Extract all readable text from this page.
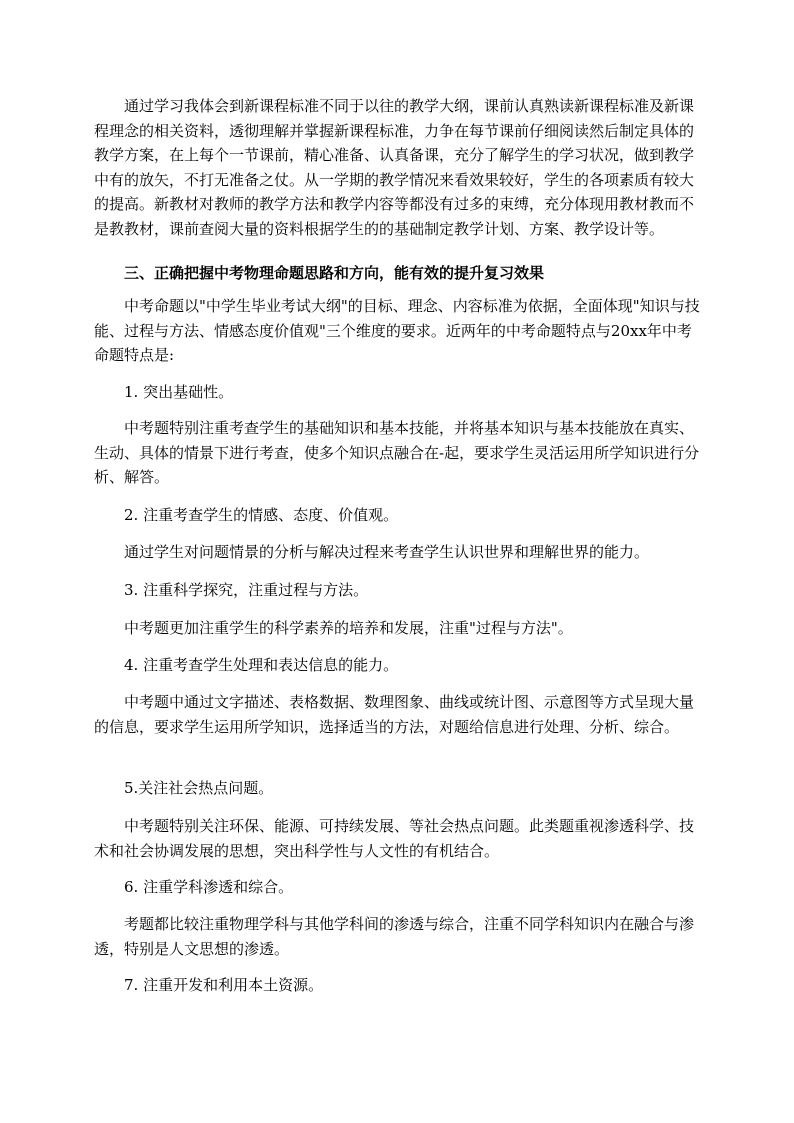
通过学习我体会到新课程标准不同于以往的教学大纲，课前认真熟读新课程标准及新课程理念的相关资料，透彻理解并掌握新课程标准，力争在每节课前仔细阅读然后制定具体的教学方案，在上每个一节课前，精心准备、认真备课，充分了解学生的学习状况，做到教学中有的放矢，不打无准备之仗。从一学期的教学情况来看效果较好，学生的各项素质有较大的提高。新教材对教师的教学方法和教学内容等都没有过多的束缚，充分体现用教材教而不是教教材，课前查阅大量的资料根据学生的的基础制定教学计划、方案、教学设计等。

三、正确把握中考物理命题思路和方向，能有效的提升复习效果

中考命题以"中学生毕业考试大纲"的目标、理念、内容标准为依据，全面体现"知识与技能、过程与方法、情感态度价值观"三个维度的要求。近两年的中考命题特点与20xx年中考命题特点是:

1. 突出基础性。

中考题特别注重考查学生的基础知识和基本技能，并将基本知识与基本技能放在真实、生动、具体的情景下进行考查，使多个知识点融合在-起，要求学生灵活运用所学知识进行分析、解答。

2. 注重考查学生的情感、态度、价值观。

通过学生对问题情景的分析与解决过程来考查学生认识世界和理解世界的能力。

3. 注重科学探究，注重过程与方法。

中考题更加注重学生的科学素养的培养和发展，注重"过程与方法"。

4. 注重考查学生处理和表达信息的能力。

中考题中通过文字描述、表格数据、数理图象、曲线或统计图、示意图等方式呈现大量的信息，要求学生运用所学知识，选择适当的方法，对题给信息进行处理、分析、综合。

5.关注社会热点问题。

中考题特别关注环保、能源、可持续发展、等社会热点问题。此类题重视渗透科学、技术和社会协调发展的思想，突出科学性与人文性的有机结合。

6. 注重学科渗透和综合。

考题都比较注重物理学科与其他学科间的渗透与综合，注重不同学科知识内在融合与渗透，特别是人文思想的渗透。

7. 注重开发和利用本土资源。
